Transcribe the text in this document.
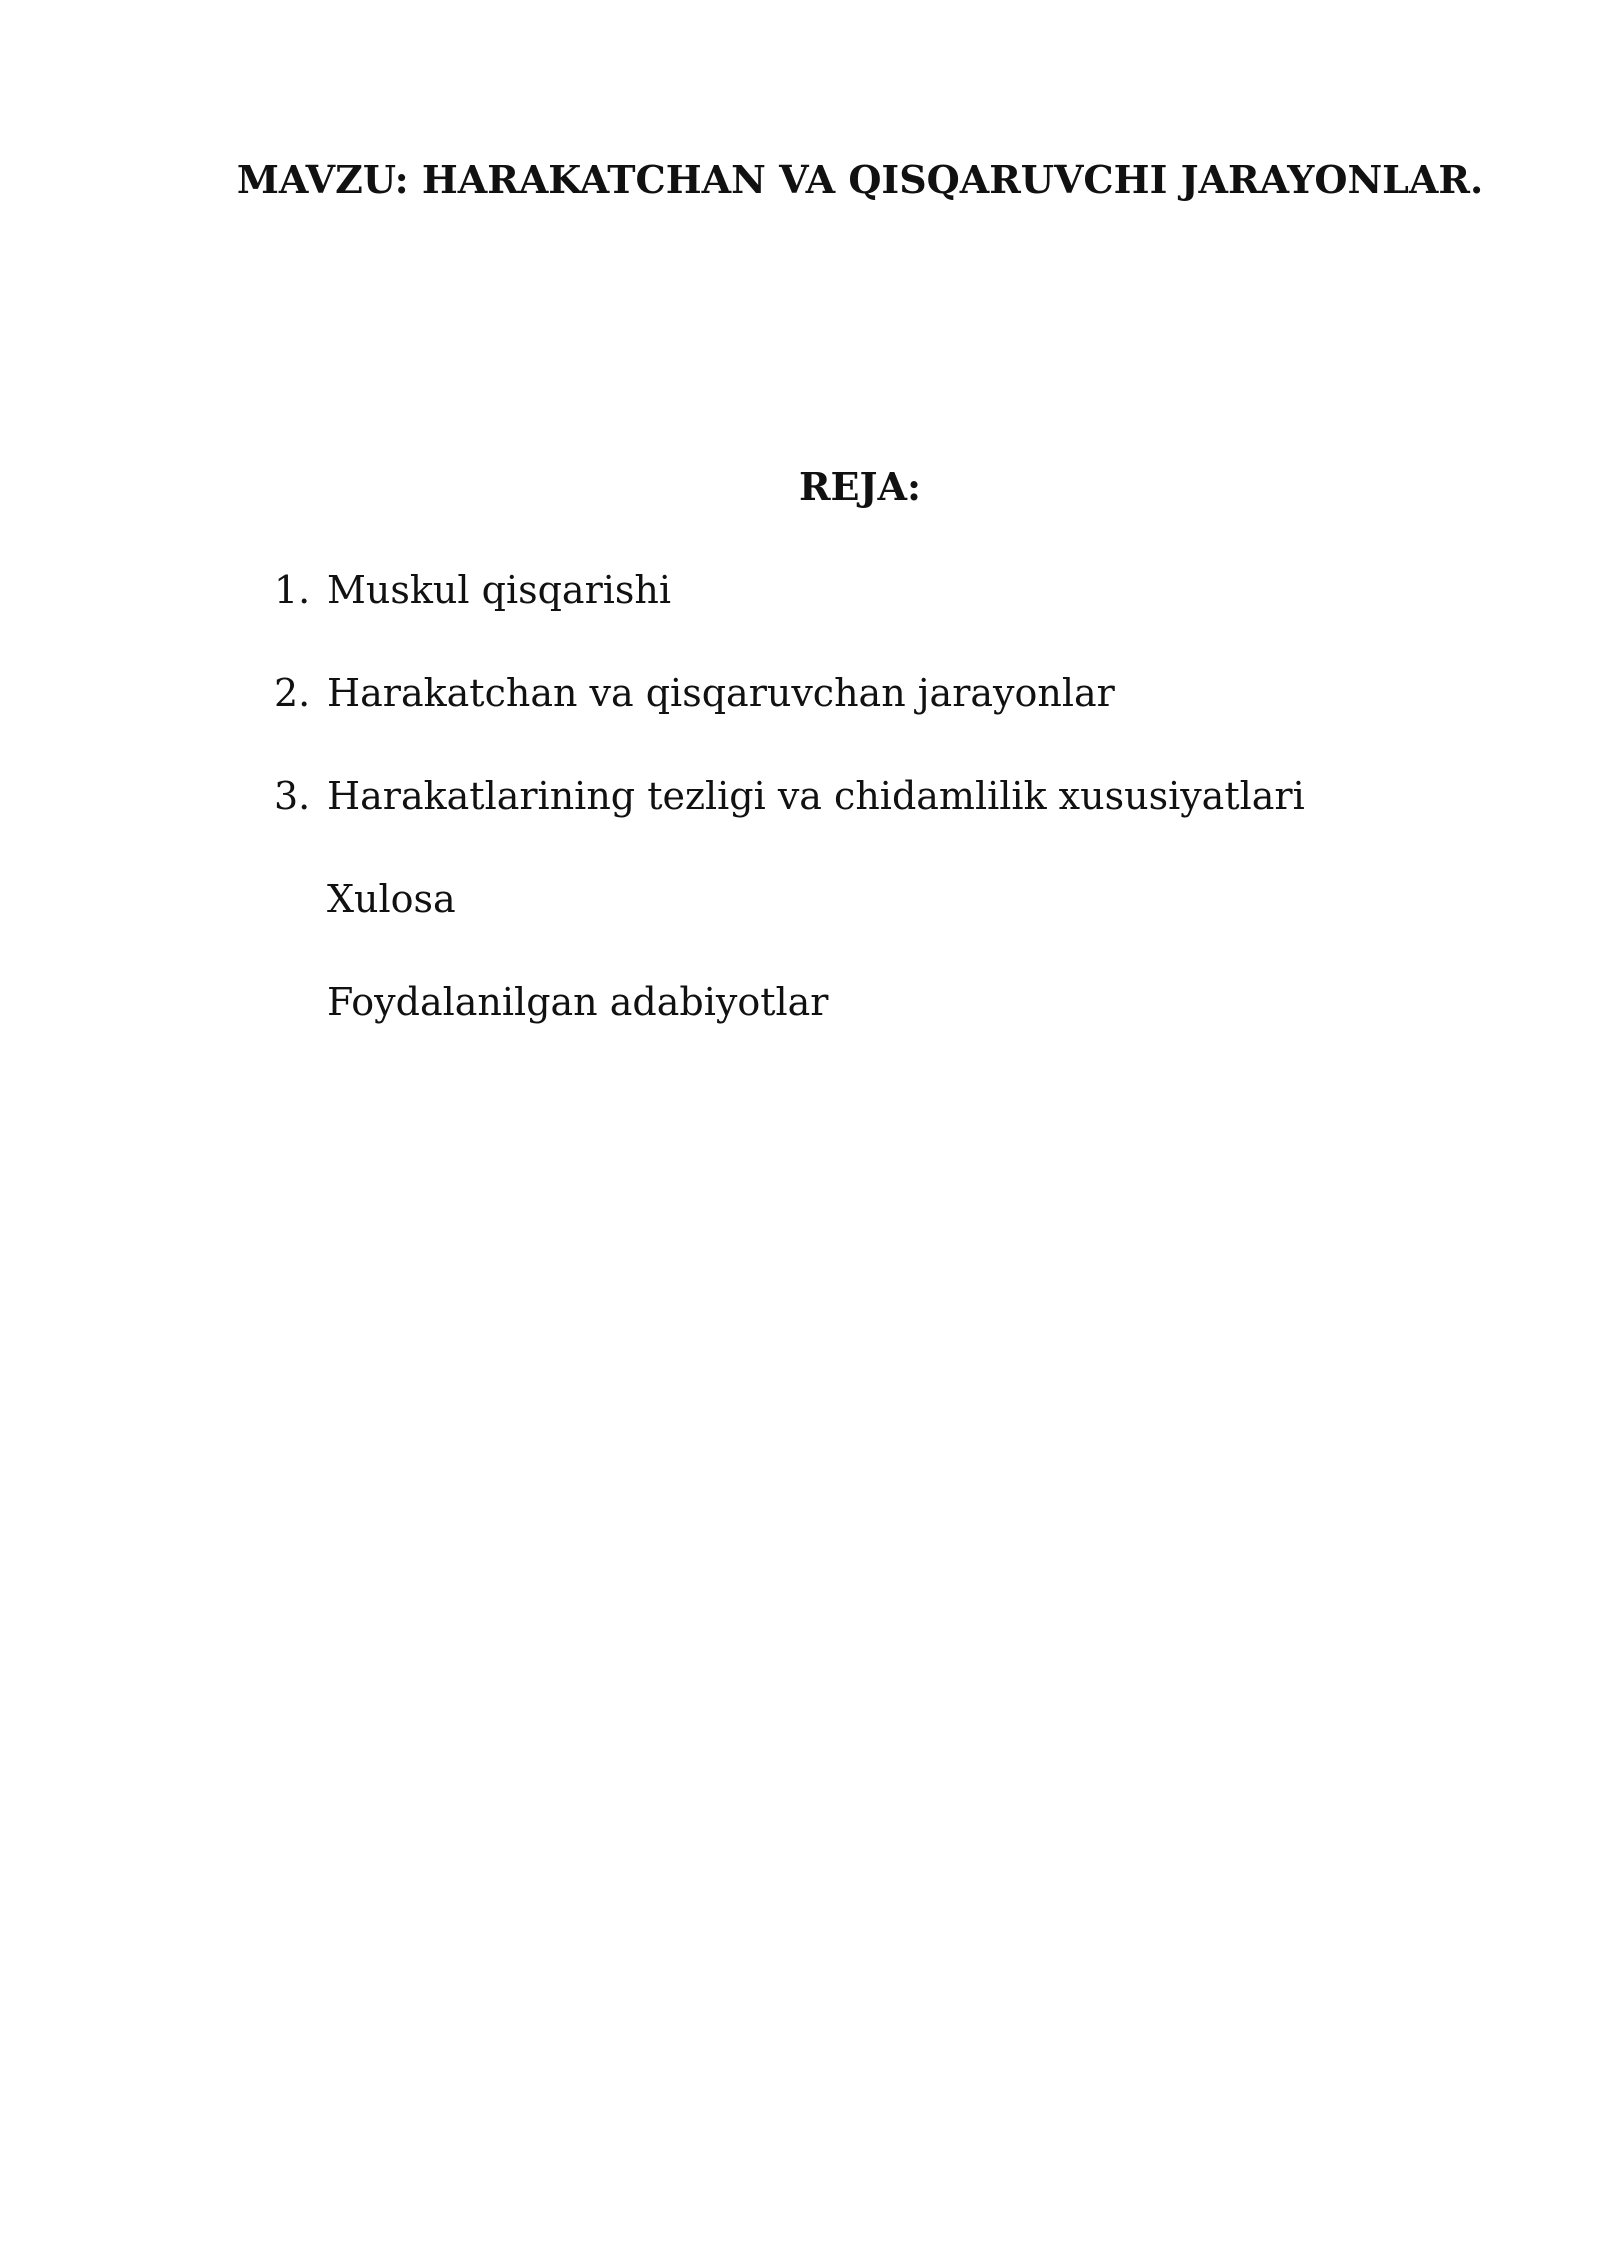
MAVZU: HARAKATCHAN VA QISQARUVCHI JARAYONLAR.
REJA:
1. Muskul qisqarishi
2. Harakatchan va qisqaruvchan jarayonlar
3. Harakatlarining tezligi va chidamlilik xususiyatlari
Xulosa
Foydalanilgan adabiyotlar
